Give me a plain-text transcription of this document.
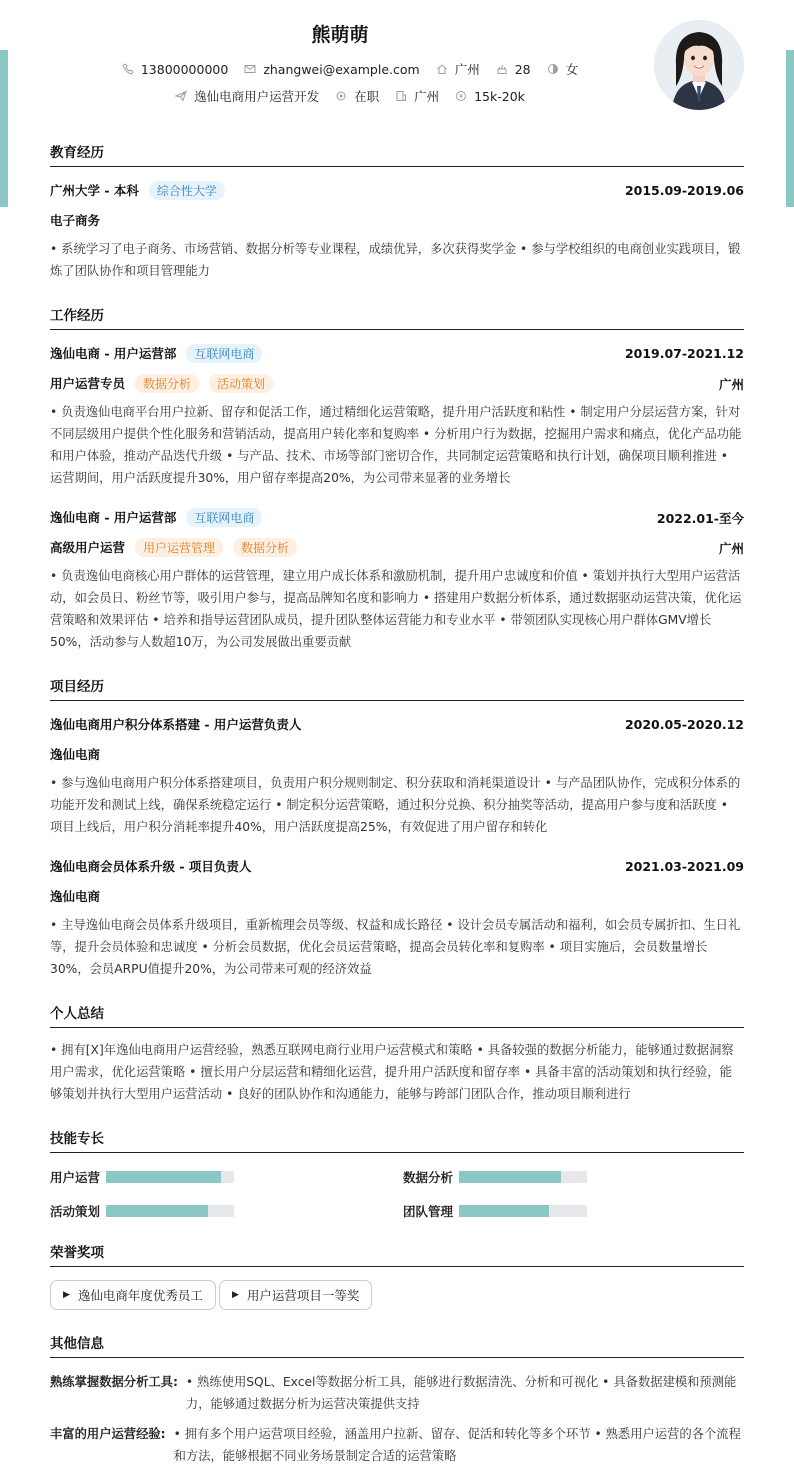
熊萌萌
13800000000	zhangwei@example.com	广州	28	女
逸仙电商用户运营开发	在职	广州	15k-20k
教育经历
广州大学 - 本科 综合性大学	2015.09-2019.06
电子商务
• 系统学习了电子商务、市场营销、数据分析等专业课程，成绩优异，多次获得奖学金 • 参与学校组织的电商创业实践项目，锻炼了团队协作和项目管理能力
工作经历
逸仙电商 - 用户运营部 互联网电商	2019.07-2021.12
用户运营专员 数据分析 活动策划	广州
• 负责逸仙电商平台用户拉新、留存和促活工作，通过精细化运营策略，提升用户活跃度和粘性 • 制定用户分层运营方案，针对不同层级用户提供个性化服务和营销活动，提高用户转化率和复购率 • 分析用户行为数据，挖掘用户需求和痛点，优化产品功能和用户体验，推动产品迭代升级 • 与产品、技术、市场等部门密切合作，共同制定运营策略和执行计划，确保项目顺利推进 • 运营期间，用户活跃度提升30%，用户留存率提高20%，为公司带来显著的业务增长
逸仙电商 - 用户运营部 互联网电商	2022.01-至今
高级用户运营 用户运营管理 数据分析	广州
• 负责逸仙电商核心用户群体的运营管理，建立用户成长体系和激励机制，提升用户忠诚度和价值 • 策划并执行大型用户运营活动，如会员日、粉丝节等，吸引用户参与，提高品牌知名度和影响力 • 搭建用户数据分析体系，通过数据驱动运营决策，优化运营策略和效果评估 • 培养和指导运营团队成员，提升团队整体运营能力和专业水平 • 带领团队实现核心用户群体GMV增长50%，活动参与人数超10万，为公司发展做出重要贡献
项目经历
逸仙电商用户积分体系搭建 - 用户运营负责人	2020.05-2020.12
逸仙电商
• 参与逸仙电商用户积分体系搭建项目，负责用户积分规则制定、积分获取和消耗渠道设计 • 与产品团队协作，完成积分体系的功能开发和测试上线，确保系统稳定运行 • 制定积分运营策略，通过积分兑换、积分抽奖等活动，提高用户参与度和活跃度 • 项目上线后，用户积分消耗率提升40%，用户活跃度提高25%，有效促进了用户留存和转化
逸仙电商会员体系升级 - 项目负责人	2021.03-2021.09
逸仙电商
• 主导逸仙电商会员体系升级项目，重新梳理会员等级、权益和成长路径 • 设计会员专属活动和福利，如会员专属折扣、生日礼等，提升会员体验和忠诚度 • 分析会员数据，优化会员运营策略，提高会员转化率和复购率 • 项目实施后，会员数量增长30%，会员ARPU值提升20%，为公司带来可观的经济效益
个人总结
• 拥有[X]年逸仙电商用户运营经验，熟悉互联网电商行业用户运营模式和策略 • 具备较强的数据分析能力，能够通过数据洞察用户需求，优化运营策略 • 擅长用户分层运营和精细化运营，提升用户活跃度和留存率 • 具备丰富的活动策划和执行经验，能够策划并执行大型用户运营活动 • 良好的团队协作和沟通能力，能够与跨部门团队合作，推动项目顺利进行
技能专长
用户运营	数据分析
活动策划	团队管理
荣誉奖项
▶ 逸仙电商年度优秀员工	▶ 用户运营项目一等奖
其他信息
熟练掌握数据分析工具: • 熟练使用SQL、Excel等数据分析工具，能够进行数据清洗、分析和可视化 • 具备数据建模和预测能力，能够通过数据分析为运营决策提供支持
丰富的用户运营经验: • 拥有多个用户运营项目经验，涵盖用户拉新、留存、促活和转化等多个环节 • 熟悉用户运营的各个流程和方法，能够根据不同业务场景制定合适的运营策略
